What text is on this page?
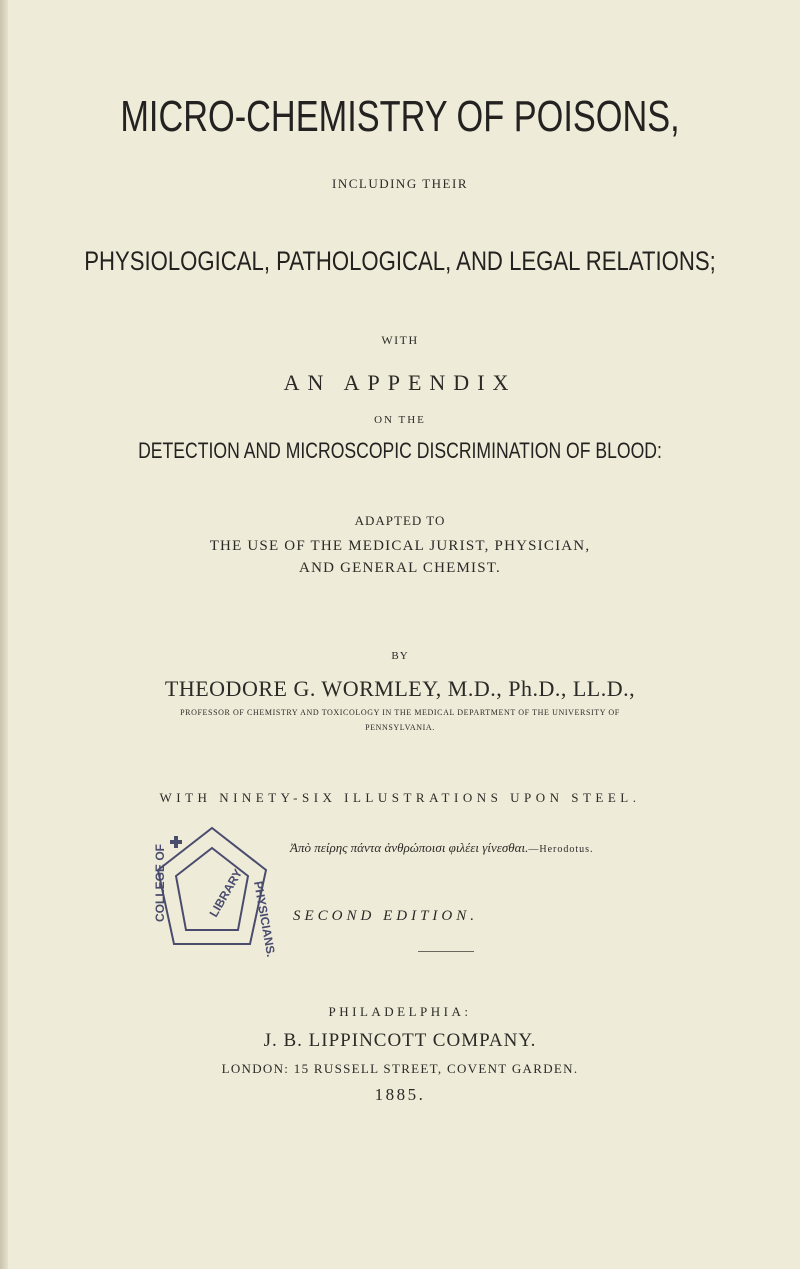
MICRO-CHEMISTRY OF POISONS,
INCLUDING THEIR
PHYSIOLOGICAL, PATHOLOGICAL, AND LEGAL RELATIONS;
WITH
AN APPENDIX
ON THE
DETECTION AND MICROSCOPIC DISCRIMINATION OF BLOOD:
ADAPTED TO
THE USE OF THE MEDICAL JURIST, PHYSICIAN,
AND GENERAL CHEMIST.
BY
THEODORE G. WORMLEY, M.D., Ph.D., LL.D.,
PROFESSOR OF CHEMISTRY AND TOXICOLOGY IN THE MEDICAL DEPARTMENT OF THE UNIVERSITY OF
PENNSYLVANIA.
WITH NINETY-SIX ILLUSTRATIONS UPON STEEL.
Ἀπὸ πείρης πάντα ἀνθρώποισι φιλέει γίνεσθαι.—Herodotus.
COLLEGE OF	LIBRARY PHYSICIANS. SECOND EDITION.
PHILADELPHIA:
J. B. LIPPINCOTT COMPANY.
LONDON: 15 RUSSELL STREET, COVENT GARDEN.
1885.
